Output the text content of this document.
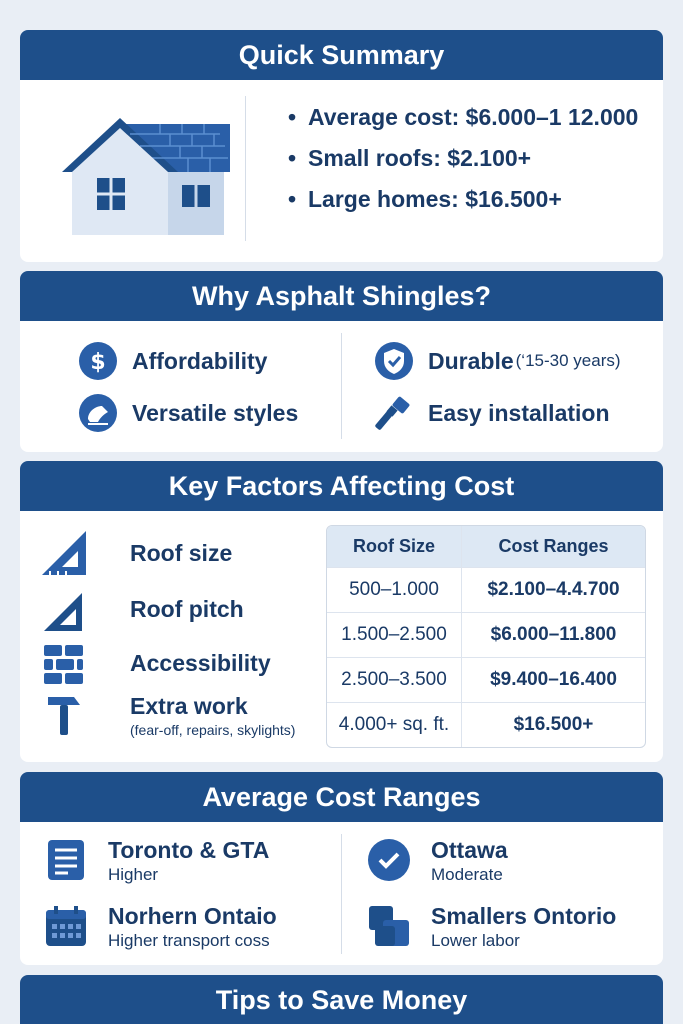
Quick Summary
• Average cost: $6.000–1 12.000
• Small roofs: $2.100+
• Large homes: $16.500+
Why Asphalt Shingles?
$ Affordability	Durable (‘15-30 years)
Versatile styles	Easy installation
Key Factors Affecting Cost
Roof size
Roof pitch
Accessibility
Extra work
(fear-off, repairs, skylights)
Roof Size	Cost Ranges
500–1.000	$2.100–4.4.700
1.500–2.500	$6.000–11.800
2.500–3.500	$9.400–16.400
4.000+ sq. ft.	$16.500+
Average Cost Ranges
Toronto & GTA
Higher
Ottawa
Moderate
Norhern Ontaio
Higher transport coss
Smallers Ontorio
Lower labor
Tips to Save Money
